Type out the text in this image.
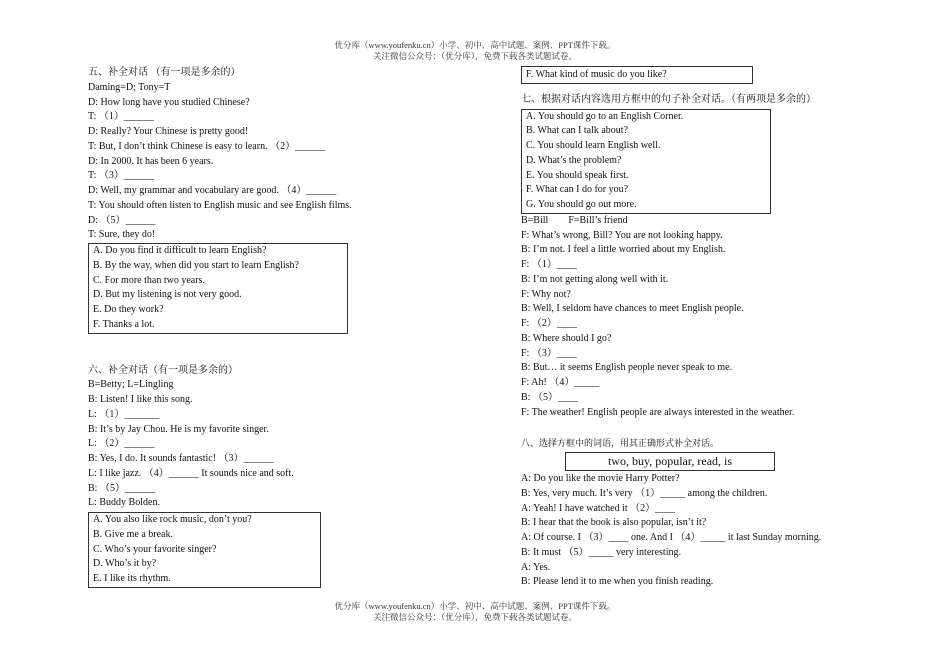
优分库（www.youfenku.cn）小学、初中、高中试题、案例、PPT课件下载。
关注微信公众号：（优分库），免费下载各类试题试卷。
五、补全对话 （有一项是多余的）
Daming=D; Tony=T
D: How long have you studied Chinese?
T: （1）______
D: Really? Your Chinese is pretty good!
T: But, I don’t think Chinese is easy to learn. （2）______
D: In 2000. It has been 6 years.
T: （3）______
D: Well, my grammar and vocabulary are good. （4）______
T: You should often listen to English music and see English films.
D: （5）______
T: Sure, they do!
A. Do you find it difficult to learn English?
B. By the way, when did you start to learn English?
C. For more than two years.
D. But my listening is not very good.
E. Do they work?
F. Thanks a lot.
六、补全对话（有一项是多余的）
B=Betty; L=Lingling
B: Listen! I like this song.
L: （1）_______
B: It’s by Jay Chou. He is my favorite singer.
L: （2）______
B: Yes, I do. It sounds fantastic! （3）______
L: I like jazz. （4）______ It sounds nice and soft.
B: （5）______
L: Buddy Bolden.
A. You also like rock music, don’t you?
B. Give me a break.
C. Who’s your favorite singer?
D. Who’s it by?
E. I like its rhythm.
F. What kind of music do you like?
七、根据对话内容选用方框中的句子补全对话。（有两项是多余的）
A. You should go to an English Corner.
B. What can I talk about?
C. You should learn English well.
D. What’s the problem?
E. You should speak first.
F. What can I do for you?
G. You should go out more.
B=Bill        F=Bill’s friend
F: What’s wrong, Bill? You are not looking happy.
B: I’m not. I feel a little worried about my English.
F: （1）____
B: I’m not getting along well with it.
F: Why not?
B: Well, I seldom have chances to meet English people.
F: （2）____
B: Where should I go?
F: （3）____
B: But… it seems English people never speak to me.
F: Ah! （4）_____
B: （5）____
F: The weather! English people are always interested in the weather.
八、选择方框中的词语，用其正确形式补全对话。
two, buy, popular, read, is
A: Do you like the movie Harry Potter?
B: Yes, very much. It’s very （1）_____ among the children.
A: Yeah! I have watched it （2）____
B: I hear that the book is also popular, isn’t it?
A: Of course. I （3）____ one. And I （4）_____ it last Sunday morning.
B: It must （5）_____ very interesting.
A: Yes.
B: Please lend it to me when you finish reading.
优分库（www.youfenku.cn）小学、初中、高中试题、案例、PPT课件下载。
关注微信公众号：（优分库），免费下载各类试题试卷。
